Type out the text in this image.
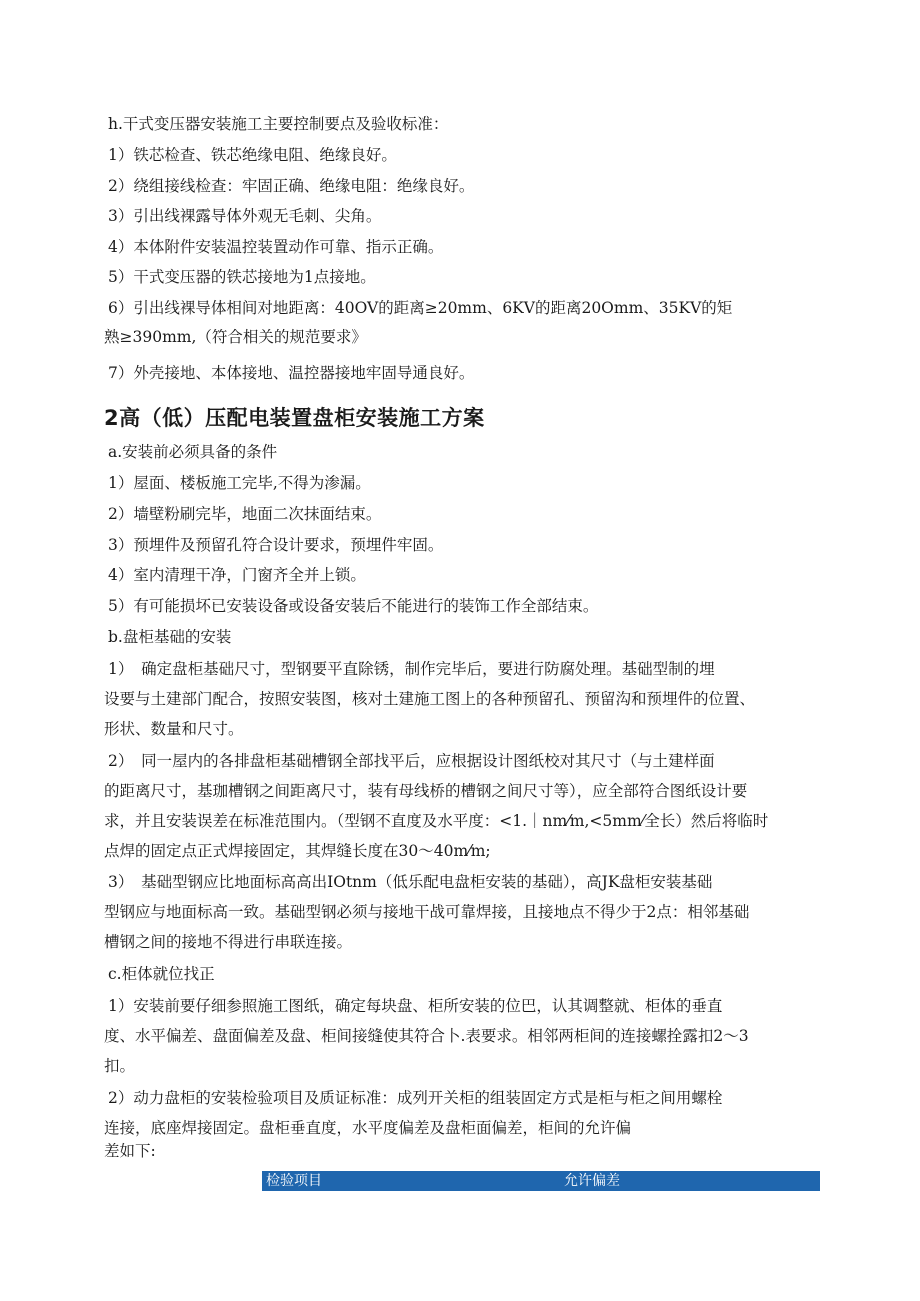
h.干式变压器安装施工主要控制要点及验收标准：
1）铁芯检查、铁芯绝缘电阻、绝缘良好。
2）绕组接线检查：牢固正确、绝缘电阻：绝缘良好。
3）引出线裸露导体外观无毛刺、尖角。
4）本体附件安装温控装置动作可靠、指示正确。
5）干式变压器的铁芯接地为1点接地。
6）引出线裸导体相间对地距离：40OV的距离≥20mm、6KV的距离20Omm、35KV的矩
熟≥390mm,（符合相关的规范要求》
7）外壳接地、本体接地、温控器接地牢固导通良好。
2高（低）压配电装置盘柜安装施工方案
a.安装前必须具备的条件
1）屋面、楼板施工完毕,不得为渗漏。
2）墙壁粉刷完毕，地面二次抹面结束。
3）预埋件及预留孔符合设计要求，预埋件牢固。
4）室内清理干净，门窗齐全并上锁。
5）有可能损坏已安装设备或设备安装后不能进行的装饰工作全部结束。
b.盘柜基础的安装
1）　确定盘柜基础尺寸，型钢要平直除锈，制作完毕后，要进行防腐处理。基础型制的埋
设要与土建部门配合，按照安装图，核对土建施工图上的各种预留孔、预留沟和预埋件的位置、
形状、数量和尺寸。
2）　同一屋内的各排盘柜基础槽钢全部找平后，应根据设计图纸校对其尺寸（与土建样面
的距离尺寸，基珈槽钢之间距离尺寸，装有母线桥的槽钢之间尺寸等），应全部符合图纸设计要
求，并且安装误差在标准范围内。（型钢不直度及水平度：<1.｜nm⁄m,<5mm⁄全长）然后将临时
点焊的固定点正式焊接固定，其焊缝长度在30～40m⁄m;
3）　基础型钢应比地面标高高出IOtnm（低乐配电盘柜安装的基础），高JK盘柜安装基础
型钢应与地面标高一致。基础型钢必须与接地干战可靠焊接，且接地点不得少于2点：相邻基础
槽钢之间的接地不得进行串联连接。
c.柜体就位找正
1）安装前要仔细参照施工图纸，确定每块盘、柜所安装的位巴，认其调整就、柜体的垂直
度、水平偏差、盘面偏差及盘、柜间接缝使其符合卜.表要求。相邻两柜间的连接螺拴露扣2～3
扣。
2）动力盘柜的安装检验项目及质证标准：成列开关柜的组装固定方式是柜与柜之间用螺栓
连接，底座焊接固定。盘柜垂直度，水平度偏差及盘柜面偏差，柜间的允许偏
差如下:
检验项目	允许偏差
